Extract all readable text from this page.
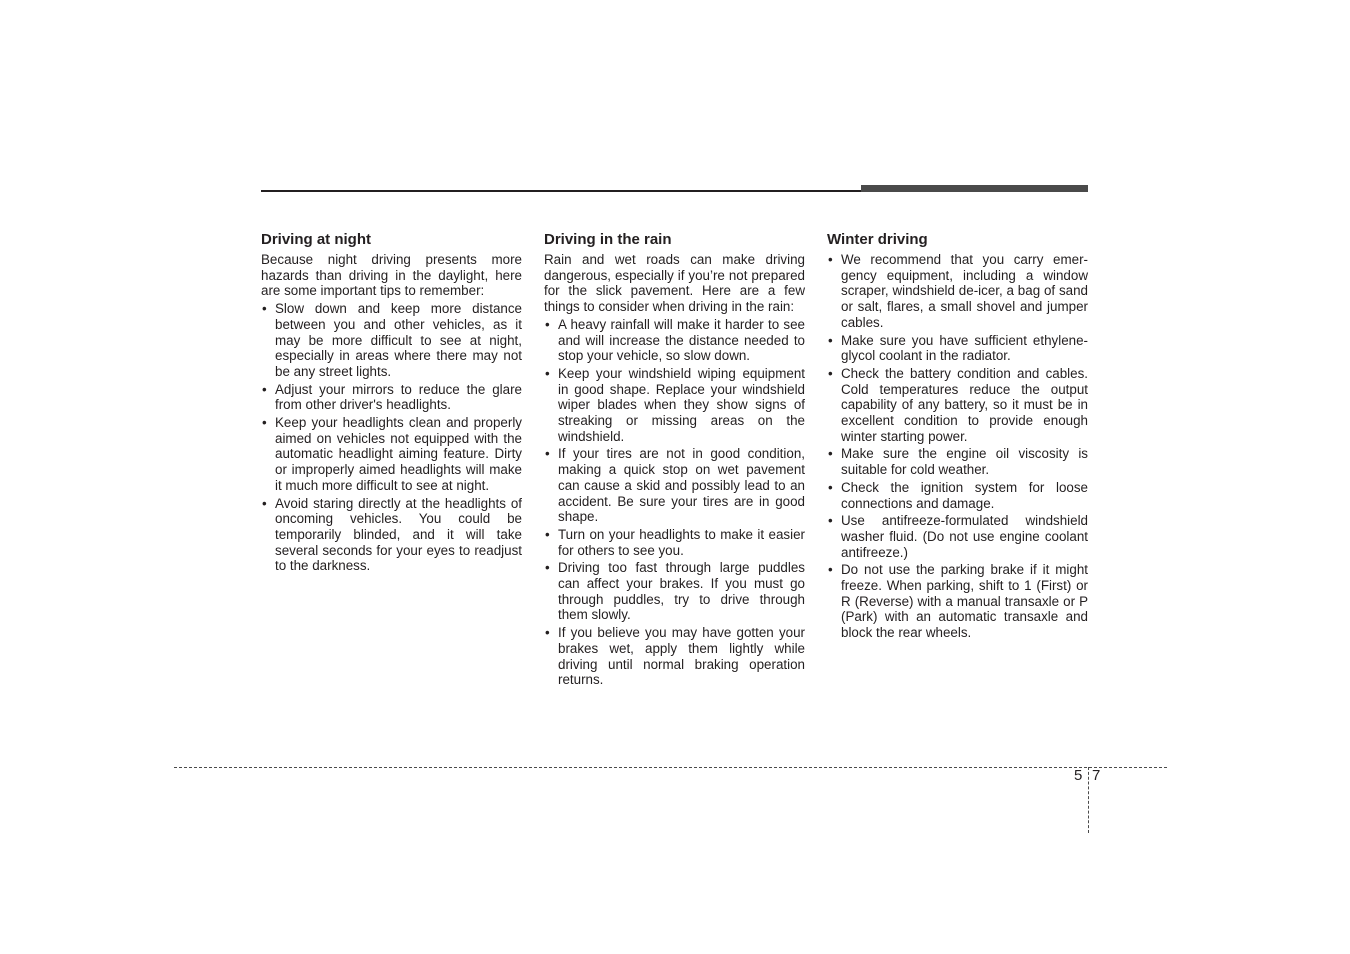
Driving at night

Because night driving presents more hazards than driving in the daylight, here are some important tips to remember:

• Slow down and keep more distance between you and other vehicles, as it may be more difficult to see at night, especially in areas where there may not be any street lights.
• Adjust your mirrors to reduce the glare from other driver's headlights.
• Keep your headlights clean and properly aimed on vehicles not equipped with the automatic headlight aiming feature. Dirty or improperly aimed headlights will make it much more difficult to see at night.
• Avoid staring directly at the headlights of oncoming vehicles. You could be temporarily blinded, and it will take several seconds for your eyes to readjust to the darkness.
Driving in the rain

Rain and wet roads can make driving dangerous, especially if you’re not prepared for the slick pavement. Here are a few things to consider when driving in the rain:

• A heavy rainfall will make it harder to see and will increase the distance needed to stop your vehicle, so slow down.
• Keep your windshield wiping equipment in good shape. Replace your windshield wiper blades when they show signs of streaking or missing areas on the windshield.
• If your tires are not in good condition, making a quick stop on wet pavement can cause a skid and possibly lead to an accident. Be sure your tires are in good shape.
• Turn on your headlights to make it easier for others to see you.
• Driving too fast through large puddles can affect your brakes. If you must go through puddles, try to drive through them slowly.
• If you believe you may have gotten your brakes wet, apply them lightly while driving until normal braking operation returns.
Winter driving
• We recommend that you carry emergency equipment, including a window scraper, windshield de-icer, a bag of sand or salt, flares, a small shovel and jumper cables.
• Make sure you have sufficient ethylene-glycol coolant in the radiator.
• Check the battery condition and cables. Cold temperatures reduce the output capability of any battery, so it must be in excellent condition to provide enough winter starting power.
• Make sure the engine oil viscosity is suitable for cold weather.
• Check the ignition system for loose connections and damage.
• Use antifreeze-formulated windshield washer fluid. (Do not use engine coolant antifreeze.)
• Do not use the parking brake if it might freeze. When parking, shift to 1 (First) or R (Reverse) with a manual transaxle or P (Park) with an automatic transaxle and block the rear wheels.
5 7
